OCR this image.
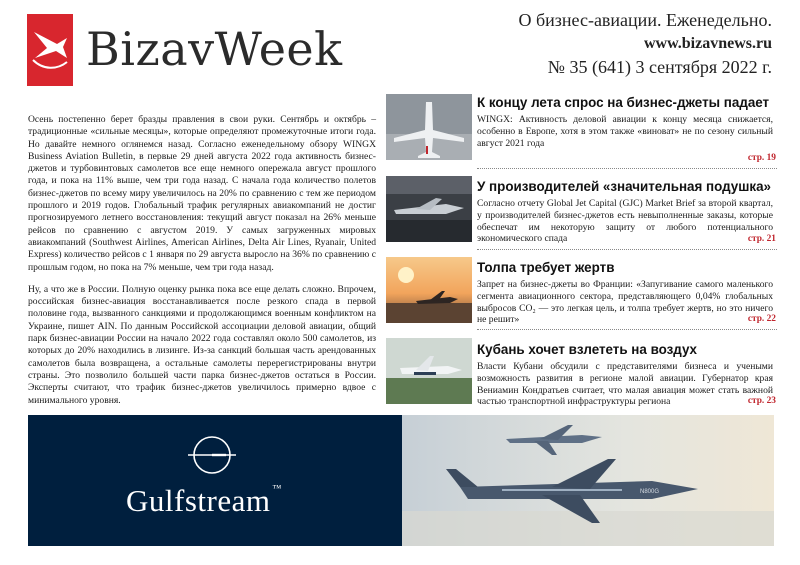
BizavWeek
О бизнес-авиации. Еженедельно.
www.bizavnews.ru
№ 35 (641) 3 сентября 2022 г.

Осень постепенно берет бразды правления в свои руки. Сентябрь и октябрь – традиционные «сильные месяцы», которые определяют промежуточные итоги года. Но давайте немного оглянемся назад. Согласно еженедельному обзору WINGX Business Aviation Bulletin, в первые 29 дней августа 2022 года активность бизнес-джетов и турбовинтовых самолетов все еще немного опережала август прошлого года, и пока на 11% выше, чем три года назад. С начала года количество полетов бизнес-джетов по всему миру увеличилось на 20% по сравнению с тем же периодом прошлого и 2019 годов. Глобальный трафик регулярных авиакомпаний не достиг прогнозируемого летнего восстановления: текущий август показал на 26% меньше рейсов по сравнению с августом 2019. У самых загруженных мировых авиакомпаний (Southwest Airlines, American Airlines, Delta Air Lines, Ryanair, United Express) количество рейсов с 1 января по 29 августа выросло на 36% по сравнению с прошлым годом, но пока на 7% меньше, чем три года назад.

Ну, а что же в России. Полную оценку рынка пока все еще делать сложно. Впрочем, российская бизнес-авиация восстанавливается после резкого спада в первой половине года, вызванного санкциями и продолжающимся военным конфликтом на Украине, пишет AIN. По данным Российской ассоциации деловой авиации, общий парк бизнес-авиации России на начало 2022 года составлял около 500 самолетов, из которых до 20% находились в лизинге. Из-за санкций большая часть арендованных самолетов была возвращена, а остальные самолеты перерегистрированы внутри страны. Это позволило большей части парка бизнес-джетов остаться в России. Эксперты считают, что трафик бизнес-джетов увеличилось примерно вдвое с минимального уровня.

К концу лета спрос на бизнес-джеты падает
WINGX: Активность деловой авиации к концу месяца снижается, особенно в Европе, хотя в этом также «виноват» не по сезону сильный август 2021 года
стр. 19
У производителей «значительная подушка»
Согласно отчету Global Jet Capital (GJC) Market Brief за второй квартал, у производителей бизнес-джетов есть невыполненные заказы, которые обеспечат им некоторую защиту от любого потенциального экономического спада	стр. 21
Толпа требует жертв
Запрет на бизнес-джеты во Франции: «Запугивание самого маленького сегмента авиационного сектора, представляющего 0,04% глобальных выбросов CO₂ — это легкая цель, и толпа требует жертв, но это ничего не решит»	стр. 22
Кубань хочет взлететь на воздух
Власти Кубани обсудили с представителями бизнеса и учеными возможность развития в регионе малой авиации. Губернатор края Вениамин Кондратьев считает, что малая авиация может стать важной частью транспортной инфраструктуры региона	стр. 23
Gulfstream ™	N800G
